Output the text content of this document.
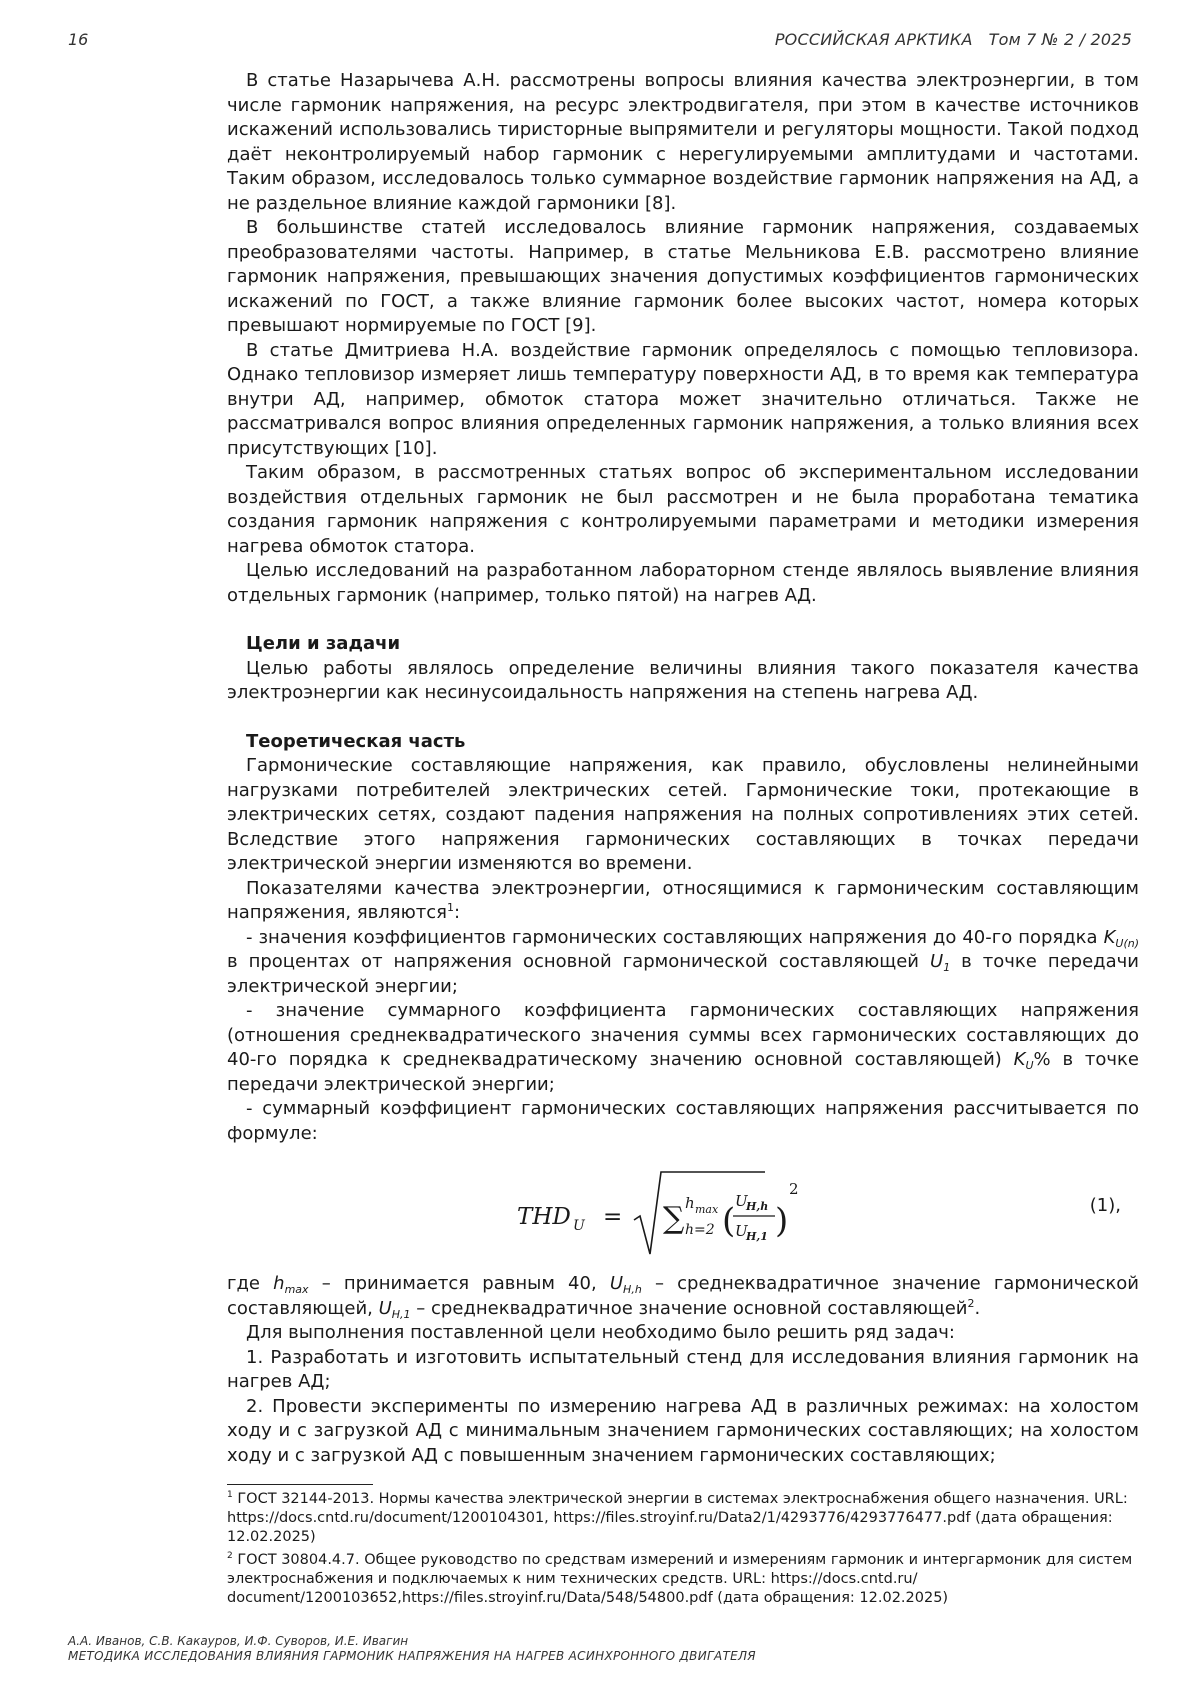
16	РОССИЙСКАЯ АРКТИКА Том 7 № 2 / 2025

В статье Назарычева А.Н. рассмотрены вопросы влияния качества электроэнергии, в том числе гармоник напряжения, на ресурс электродвигателя, при этом в качестве источников искажений использовались тиристорные выпрямители и регуляторы мощности. Такой подход даёт неконтролируемый набор гармоник с нерегулируемыми амплитудами и частотами. Таким образом, исследовалось только суммарное воздействие гармоник напряжения на АД, а не раздельное влияние каждой гармоники [8].

В большинстве статей исследовалось влияние гармоник напряжения, создаваемых преобразователями частоты. Например, в статье Мельникова Е.В. рассмотрено влияние гармоник напряжения, превышающих значения допустимых коэффициентов гармонических искажений по ГОСТ, а также влияние гармоник более высоких частот, номера которых превышают нормируемые по ГОСТ [9].

В статье Дмитриева Н.А. воздействие гармоник определялось с помощью тепловизора. Однако тепловизор измеряет лишь температуру поверхности АД, в то время как температура внутри АД, например, обмоток статора может значительно отличаться. Также не рассматривался вопрос влияния определенных гармоник напряжения, а только влияния всех присутствующих [10].

Таким образом, в рассмотренных статьях вопрос об экспериментальном исследовании воздействия отдельных гармоник не был рассмотрен и не была проработана тематика создания гармоник напряжения с контролируемыми параметрами и методики измерения нагрева обмоток статора.

Целью исследований на разработанном лабораторном стенде являлось выявление влияния отдельных гармоник (например, только пятой) на нагрев АД.

Цели и задачи

Целью работы являлось определение величины влияния такого показателя качества электроэнергии как несинусоидальность напряжения на степень нагрева АД.

Теоретическая часть

Гармонические составляющие напряжения, как правило, обусловлены нелинейными нагрузками потребителей электрических сетей. Гармонические токи, протекающие в электрических сетях, создают падения напряжения на полных сопротивлениях этих сетей. Вследствие этого напряжения гармонических составляющих в точках передачи электрической энергии изменяются во времени.

Показателями качества электроэнергии, относящимися к гармоническим составляющим напряжения, являются$^1$:

- значения коэффициентов гармонических составляющих напряжения до 40-го порядка $K_{U(n)}$ в процентах от напряжения основной гармонической составляющей $U_1$ в точке передачи электрической энергии;

- значение суммарного коэффициента гармонических составляющих напряжения (отношения среднеквадратического значения суммы всех гармонических составляющих до 40-го порядка к среднеквадратическому значению основной составляющей) $K_U\%$ в точке передачи электрической энергии;

- суммарный коэффициент гармонических составляющих напряжения рассчитывается по формуле:

THD U = ∑ h max
h=2 ( U
H,h
U
H,1 )
2
(1),

где $h_{max}$ – принимается равным 40, $U_{H,h}$ – среднеквадратичное значение гармонической составляющей, $U_{H,1}$ – среднеквадратичное значение основной составляющей$^2$.

Для выполнения поставленной цели необходимо было решить ряд задач:

1. Разработать и изготовить испытательный стенд для исследования влияния гармоник на нагрев АД;

2. Провести эксперименты по измерению нагрева АД в различных режимах: на холостом ходу и с загрузкой АД с минимальным значением гармонических составляющих; на холостом ходу и с загрузкой АД с повышенным значением гармонических составляющих;

$^1$ ГОСТ 32144-2013. Нормы качества электрической энергии в системах электроснабжения общего назначения. URL: https://docs.cntd.ru/document/1200104301, https://files.stroyinf.ru/Data2/1/4293776/4293776477.pdf (дата обращения: 12.02.2025)

$^2$ ГОСТ 30804.4.7. Общее руководство по средствам измерений и измерениям гармоник и интергармоник для систем электроснабжения и подключаемых к ним технических средств. URL: https://docs.cntd.ru/ document/1200103652,https://files.stroyinf.ru/Data/548/54800.pdf (дата обращения: 12.02.2025)

А.А. Иванов, С.В. Какауров, И.Ф. Суворов, И.Е. Ивагин
МЕТОДИКА ИССЛЕДОВАНИЯ ВЛИЯНИЯ ГАРМОНИК НАПРЯЖЕНИЯ НА НАГРЕВ АСИНХРОННОГО ДВИГАТЕЛЯ
